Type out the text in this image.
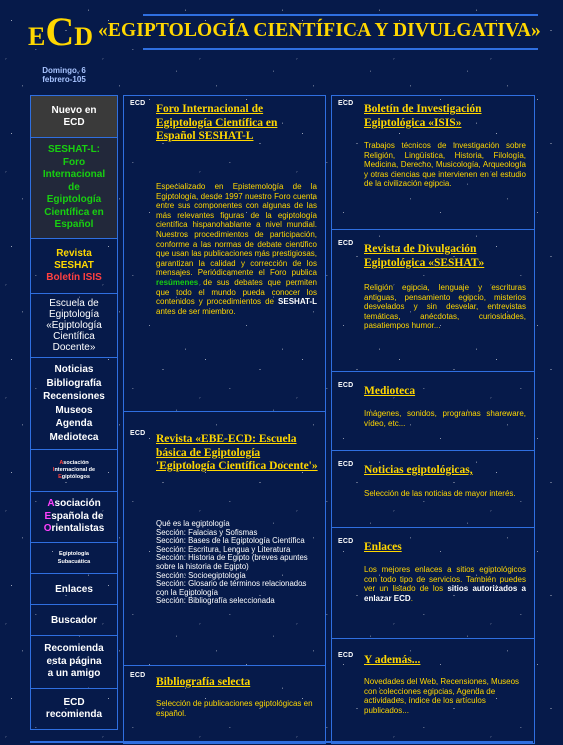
ECD «EGIPTOLOGÍA CIENTÍFICA Y DIVULGATIVA»
Domingo, 6
febrero-105
Nuevo en
ECD
SESHAT-L:
Foro
Internacional
de
Egiptología
Científica en
Español
Revista
SESHAT
Boletín ISIS
Escuela de
Egiptología
«Egiptología
Científica
Docente»
Noticias
Bibliografía
Recensiones
Museos
Agenda
Medioteca
Asociación
Internacional de
Egiptólogos
Asociación
Española de
Orientalistas
Egiptología
Subacuática
Enlaces
Buscador
Recomienda
esta página
a un amigo
ECD
recomienda
ECD Foro Internacional de Egiptología Científica en Español SESHAT-L
Especializado en Epistemología de la Egiptología, desde 1997 nuestro Foro cuenta entre sus componentes con algunas de las más relevantes figuras de la egiptología científica hispanohablante a nivel mundial. Nuestros procedimientos de participación, conforme a las normas de debate científico que usan las publicaciones más prestigiosas, garantizan la calidad y corrección de los mensajes. Periódicamente el Foro publica resúmenes de sus debates que permiten que todo el mundo pueda conocer los contenidos y procedimientos de SESHAT-L antes de ser miembro.
ECD Revista «EBE-ECD: Escuela básica de Egiptología 'Egiptología Científica Docente'»
Qué es la egiptología
Sección: Falacias y Sofismas
Sección: Bases de la Egiptología Científica
Sección: Escritura, Lengua y Literatura
Sección: Historia de Egipto (breves apuntes sobre la historia de Egipto)
Sección: Socioegiptología
Sección: Glosario de términos relacionados con la Egiptología
Sección: Bibliografía seleccionada
ECD
Bibliografía selecta
Selección de publicaciones egiptológicas en español.
ECD Boletín de Investigación Egiptológica «ISIS»
Trabajos técnicos de investigación sobre Religión, Lingüística, Historia, Filología, Medicina, Derecho, Musicología, Arqueología y otras ciencias que intervienen en el estudio de la civilización egipcia.
ECD Revista de Divulgación Egiptológica «SESHAT»
Religión egipcia, lenguaje y escrituras antiguas, pensamiento egipcio, misterios desvelados y sin desvelar, entrevistas temáticas, anécdotas, curiosidades, pasatiempos humor...
ECD Medioteca
Imágenes, sonidos, programas shareware, vídeo, etc...
ECD Noticias egiptológicas,
Selección de las noticias de mayor interés.
ECD Enlaces
Los mejores enlaces a sitios egiptológicos con todo tipo de servicios. También puedes ver un listado de los sitios autorizados a enlazar ECD.
ECD Y además...
Novedades del Web, Recensiones, Museos con colecciones egipcias, Agenda de actividades, índice de los artículos publicados...
